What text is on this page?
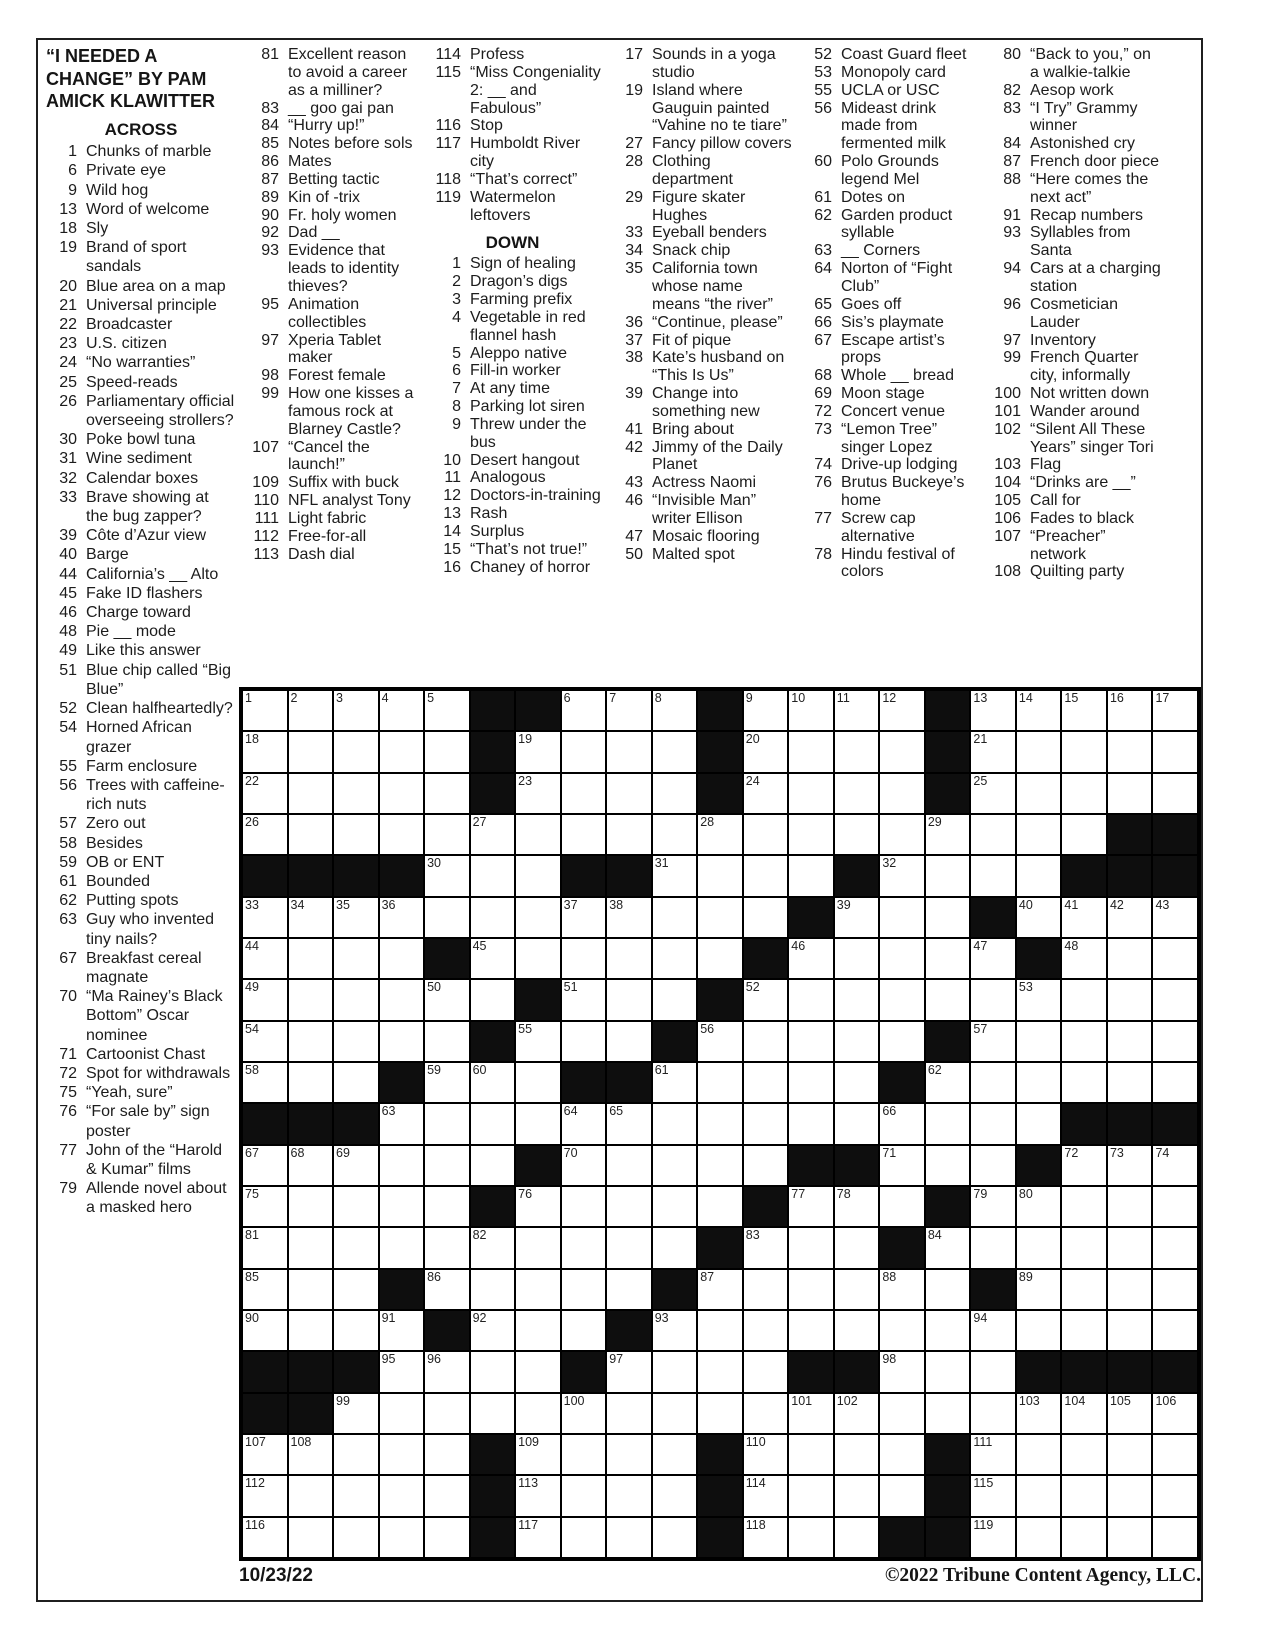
“I NEEDED A
CHANGE” BY PAM
AMICK KLAWITTER
ACROSS
1 Chunks of marble
6 Private eye
9 Wild hog
13 Word of welcome
18 Sly
19 Brand of sport sandals
20 Blue area on a map
21 Universal principle
22 Broadcaster
23 U.S. citizen
24 “No warranties”
25 Speed-reads
26 Parliamentary official overseeing strollers?
30 Poke bowl tuna
31 Wine sediment
32 Calendar boxes
33 Brave showing at the bug zapper?
39 Côte d’Azur view
40 Barge
44 California’s __ Alto
45 Fake ID flashers
46 Charge toward
48 Pie __ mode
49 Like this answer
51 Blue chip called “Big Blue”
52 Clean halfheartedly?
54 Horned African grazer
55 Farm enclosure
56 Trees with caffeine-rich nuts
57 Zero out
58 Besides
59 OB or ENT
61 Bounded
62 Putting spots
63 Guy who invented tiny nails?
67 Breakfast cereal magnate
70 “Ma Rainey’s Black Bottom” Oscar nominee
71 Cartoonist Chast
72 Spot for withdrawals
75 “Yeah, sure”
76 “For sale by” sign poster
77 John of the “Harold & Kumar” films
79 Allende novel about a masked hero
81 Excellent reason to avoid a career as a milliner?
83 __ goo gai pan
84 “Hurry up!”
85 Notes before sols
86 Mates
87 Betting tactic
89 Kin of -trix
90 Fr. holy women
92 Dad __
93 Evidence that leads to identity thieves?
95 Animation collectibles
97 Xperia Tablet maker
98 Forest female
99 How one kisses a famous rock at Blarney Castle?
107 “Cancel the launch!”
109 Suffix with buck
110 NFL analyst Tony
111 Light fabric
112 Free-for-all
113 Dash dial
114 Profess
115 “Miss Congeniality 2: __ and Fabulous”
116 Stop
117 Humboldt River city
118 “That’s correct”
119 Watermelon leftovers
DOWN
1 Sign of healing
2 Dragon’s digs
3 Farming prefix
4 Vegetable in red flannel hash
5 Aleppo native
6 Fill-in worker
7 At any time
8 Parking lot siren
9 Threw under the bus
10 Desert hangout
11 Analogous
12 Doctors-in-training
13 Rash
14 Surplus
15 “That’s not true!”
16 Chaney of horror
17 Sounds in a yoga studio
19 Island where Gauguin painted “Vahine no te tiare”
27 Fancy pillow covers
28 Clothing department
29 Figure skater Hughes
33 Eyeball benders
34 Snack chip
35 California town whose name means “the river”
36 “Continue, please”
37 Fit of pique
38 Kate’s husband on “This Is Us”
39 Change into something new
41 Bring about
42 Jimmy of the Daily Planet
43 Actress Naomi
46 “Invisible Man” writer Ellison
47 Mosaic flooring
50 Malted spot
52 Coast Guard fleet
53 Monopoly card
55 UCLA or USC
56 Mideast drink made from fermented milk
60 Polo Grounds legend Mel
61 Dotes on
62 Garden product syllable
63 __ Corners
64 Norton of “Fight Club”
65 Goes off
66 Sis’s playmate
67 Escape artist’s props
68 Whole __ bread
69 Moon stage
72 Concert venue
73 “Lemon Tree” singer Lopez
74 Drive-up lodging
76 Brutus Buckeye’s home
77 Screw cap alternative
78 Hindu festival of colors
80 “Back to you,” on a walkie-talkie
82 Aesop work
83 “I Try” Grammy winner
84 Astonished cry
87 French door piece
88 “Here comes the next act”
91 Recap numbers
93 Syllables from Santa
94 Cars at a charging station
96 Cosmetician Lauder
97 Inventory
99 French Quarter city, informally
100 Not written down
101 Wander around
102 “Silent All These Years” singer Tori
103 Flag
104 “Drinks are __”
105 Call for
106 Fades to black
107 “Preacher” network
108 Quilting party
1	2	3	4	5	6	7	8	9	10	11	12	13	14	15	16	17
18	19	20	21
22	23	24	25
26	27	28	29
30	31	32
33	34	35	36	37	38	39	40	41	42	43
44	45	46	47	48
49	50	51	52	53
54	55	56	57
58	59	60	61	62
63	64	65	66
67	68	69	70	71	72	73	74
75	76	77	78	79	80
81	82	83	84
85	86	87	88	89
90	91	92	93	94
95	96	97	98
99	100	101 102	103 104 105 106
107 108	109	110	111
112	113	114	115
116	117	118	119
10/23/22	©2022 Tribune Content Agency, LLC.
